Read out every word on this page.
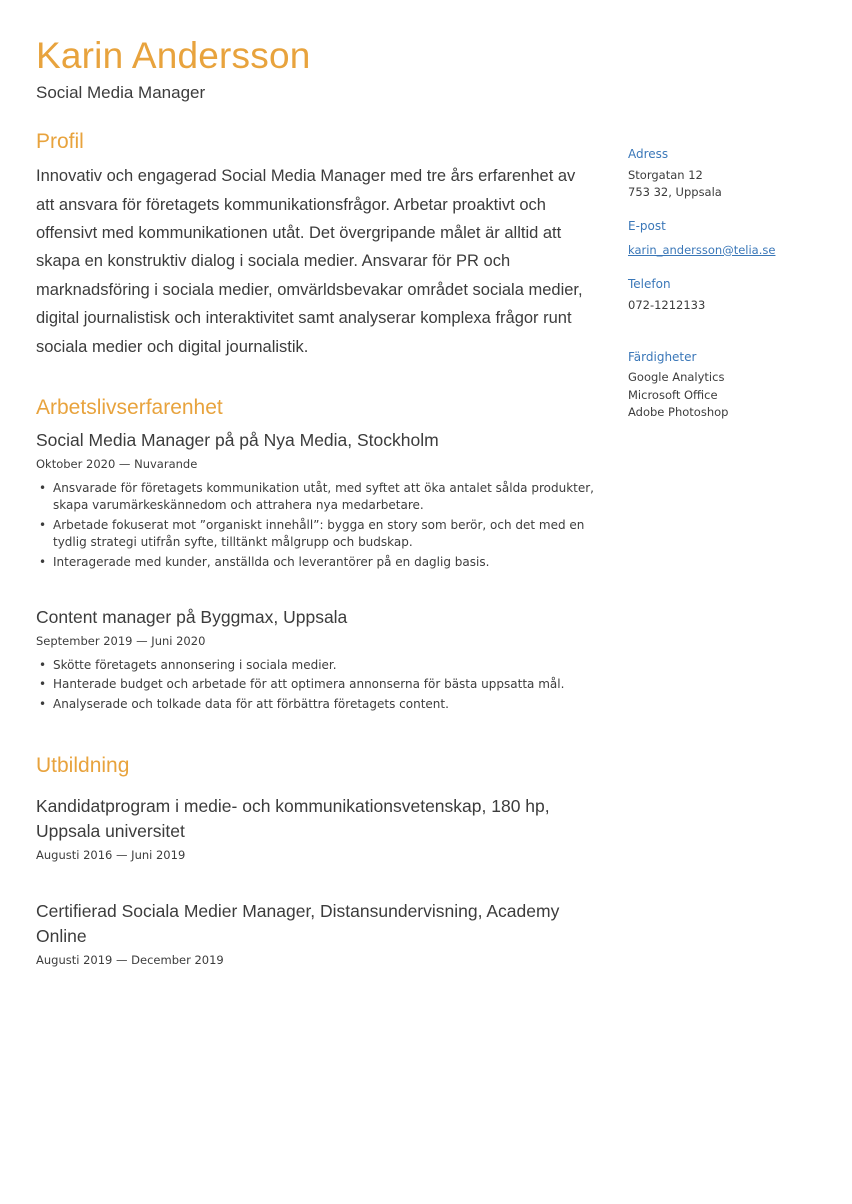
Karin Andersson
Social Media Manager
Profil

Innovativ och engagerad Social Media Manager med tre års erfarenhet av att ansvara för företagets kommunikationsfrågor. Arbetar proaktivt och offensivt med kommunikationen utåt. Det övergripande målet är alltid att skapa en konstruktiv dialog i sociala medier. Ansvarar för PR och marknadsföring i sociala medier, omvärldsbevakar området sociala medier, digital journalistisk och interaktivitet samt analyserar komplexa frågor runt sociala medier och digital journalistik.

Arbetslivserfarenhet
Social Media Manager på på Nya Media, Stockholm
Oktober 2020 — Nuvarande
• Ansvarade för företagets kommunikation utåt, med syftet att öka antalet sålda produkter, skapa varumärkeskännedom och attrahera nya medarbetare.
• Arbetade fokuserat mot ”organiskt innehåll”: bygga en story som berör, och det med en tydlig strategi utifrån syfte, tilltänkt målgrupp och budskap.
• Interagerade med kunder, anställda och leverantörer på en daglig basis.
Content manager på Byggmax, Uppsala
September 2019 — Juni 2020
• Skötte företagets annonsering i sociala medier.
• Hanterade budget och arbetade för att optimera annonserna för bästa uppsatta mål.
• Analyserade och tolkade data för att förbättra företagets content.
Utbildning
Kandidatprogram i medie- och kommunikationsvetenskap, 180 hp, Uppsala universitet
Augusti 2016 — Juni 2019
Certifierad Sociala Medier Manager, Distansundervisning, Academy Online
Augusti 2019 — December 2019
Adress
Storgatan 12
753 32, Uppsala
E-post
karin_andersson@telia.se
Telefon
072-1212133
Färdigheter
Google Analytics
Microsoft Office
Adobe Photoshop
